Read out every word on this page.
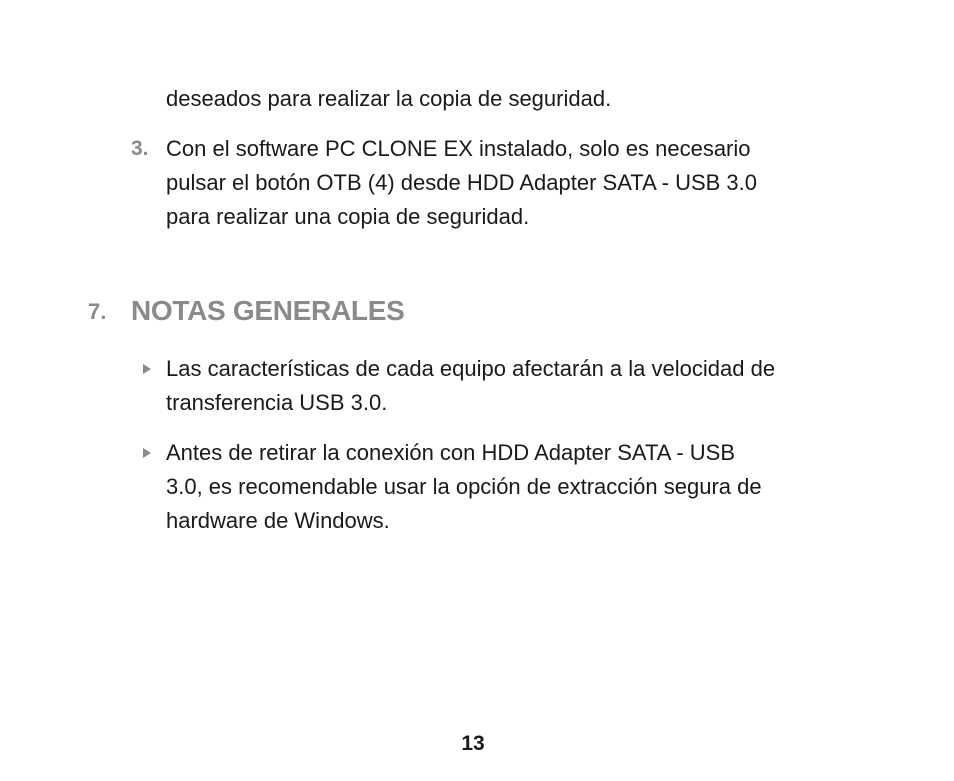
deseados para realizar la copia de seguridad.
3. Con el software PC CLONE EX instalado, solo es necesario
pulsar el botón OTB (4) desde HDD Adapter SATA - USB 3.0
para realizar una copia de seguridad.
7. NOTAS GENERALES
Las características de cada equipo afectarán a la velocidad de
transferencia USB 3.0.
Antes de retirar la conexión con HDD Adapter SATA - USB
3.0, es recomendable usar la opción de extracción segura de
hardware de Windows.
13
